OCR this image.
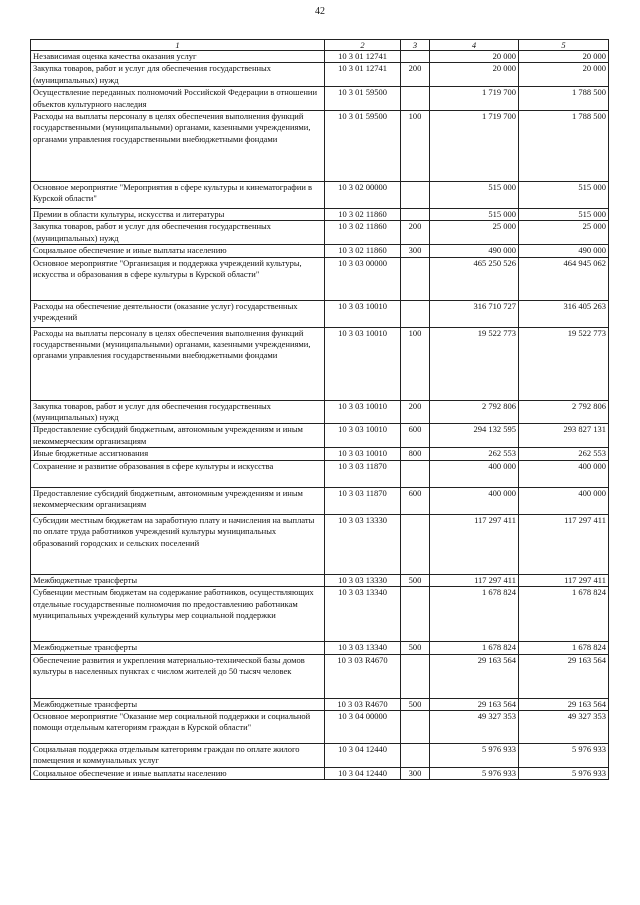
42
1	2	3	4	5
Независимая оценка качества оказания услуг	10 3 01 12741		20 000	20 000
Закупка товаров, работ и услуг для обеспечения государственных (муниципальных) нужд	10 3 01 12741	200	20 000	20 000
Осуществление переданных полномочий Российской Федерации в отношении объектов культурного наследия	10 3 01 59500		1 719 700	1 788 500
Расходы на выплаты персоналу в целях обеспечения выполнения функций государственными (муниципальными) органами, казенными учреждениями, органами управления государственными внебюджетными фондами	10 3 01 59500	100	1 719 700	1 788 500
Основное мероприятие "Мероприятия в сфере культуры и кинематографии в Курской области"	10 3 02 00000		515 000	515 000
Премии в области культуры, искусства и литературы	10 3 02 11860		515 000	515 000
Закупка товаров, работ и услуг для обеспечения государственных (муниципальных) нужд	10 3 02 11860	200	25 000	25 000
Социальное обеспечение и иные выплаты населению	10 3 02 11860	300	490 000	490 000
Основное мероприятие "Организация и поддержка учреждений культуры, искусства и образования в сфере культуры в Курской области"	10 3 03 00000		465 250 526	464 945 062
Расходы на обеспечение деятельности (оказание услуг) государственных учреждений	10 3 03 10010		316 710 727	316 405 263
Расходы на выплаты персоналу в целях обеспечения выполнения функций государственными (муниципальными) органами, казенными учреждениями, органами управления государственными внебюджетными фондами	10 3 03 10010	100	19 522 773	19 522 773
Закупка товаров, работ и услуг для обеспечения государственных (муниципальных) нужд	10 3 03 10010	200	2 792 806	2 792 806
Предоставление субсидий бюджетным, автономным учреждениям и иным некоммерческим организациям	10 3 03 10010	600	294 132 595	293 827 131
Иные бюджетные ассигнования	10 3 03 10010	800	262 553	262 553
Сохранение и развитие образования в сфере культуры и искусства	10 3 03 11870		400 000	400 000
Предоставление субсидий бюджетным, автономным учреждениям и иным некоммерческим организациям	10 3 03 11870	600	400 000	400 000
Субсидии местным бюджетам на заработную плату и начисления на выплаты по оплате труда работников учреждений культуры муниципальных образований городских и сельских поселений	10 3 03 13330		117 297 411	117 297 411
Межбюджетные трансферты	10 3 03 13330	500	117 297 411	117 297 411
Субвенции местным бюджетам на содержание работников, осуществляющих отдельные государственные полномочия по предоставлению работникам муниципальных учреждений культуры мер социальной поддержки	10 3 03 13340		1 678 824	1 678 824
Межбюджетные трансферты	10 3 03 13340	500	1 678 824	1 678 824
Обеспечение развития и укрепления материально-технической базы домов культуры в населенных пунктах с числом жителей до 50 тысяч человек	10 3 03 R4670		29 163 564	29 163 564
Межбюджетные трансферты	10 3 03 R4670	500	29 163 564	29 163 564
Основное мероприятие "Оказание мер социальной поддержки и социальной помощи отдельным категориям граждан в Курской области"	10 3 04 00000		49 327 353	49 327 353
Социальная поддержка отдельным категориям граждан по оплате жилого помещения и коммунальных услуг	10 3 04 12440		5 976 933	5 976 933
Социальное обеспечение и иные выплаты населению	10 3 04 12440	300	5 976 933	5 976 933
